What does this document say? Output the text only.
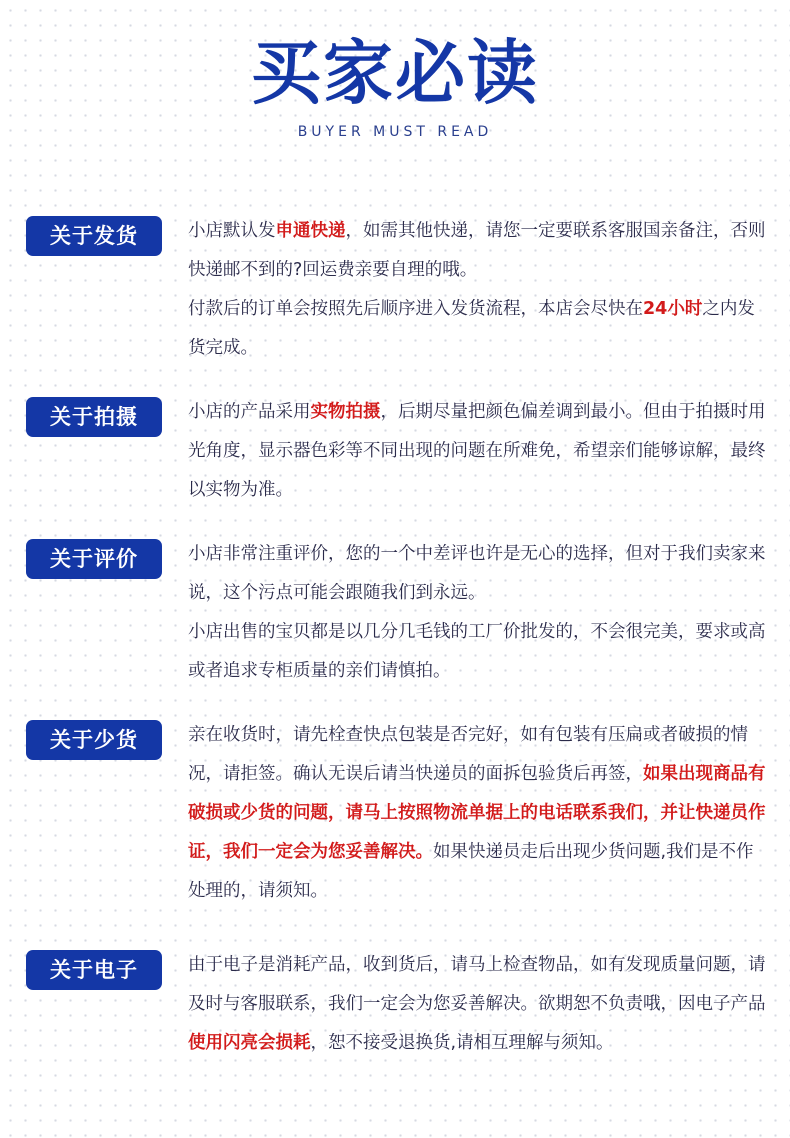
买家必读
BUYER MUST READ
关于发货	小店默认发申通快递，如需其他快递，请您一定要联系客服国亲备注，否则快递邮不到的?回运费亲要自理的哦。

付款后的订单会按照先后顺序进入发货流程，本店会尽快在24小时之内发货完成。

关于拍摄	小店的产品采用实物拍摄，后期尽量把颜色偏差调到最小。但由于拍摄时用光角度，显示器色彩等不同出现的问题在所难免，希望亲们能够谅解，最终以实物为准。

关于评价	小店非常注重评价，您的一个中差评也许是无心的选择，但对于我们卖家来说，这个污点可能会跟随我们到永远。

小店出售的宝贝都是以几分几毛钱的工厂价批发的，不会很完美，要求或高或者追求专柜质量的亲们请慎拍。

关于少货	亲在收货时，请先栓查快点包装是否完好，如有包装有压扁或者破损的情况，请拒签。确认无误后请当快递员的面拆包验货后再签，如果出现商品有破损或少货的问题，请马上按照物流单据上的电话联系我们，并让快递员作证，我们一定会为您妥善解决。如果快递员走后出现少货问题,我们是不作处理的，请须知。

关于电子	由于电子是消耗产品，收到货后，请马上检查物品，如有发现质量问题，请及时与客服联系，我们一定会为您妥善解决。欲期恕不负责哦，因电子产品使用闪亮会损耗，恕不接受退换货,请相互理解与须知。
